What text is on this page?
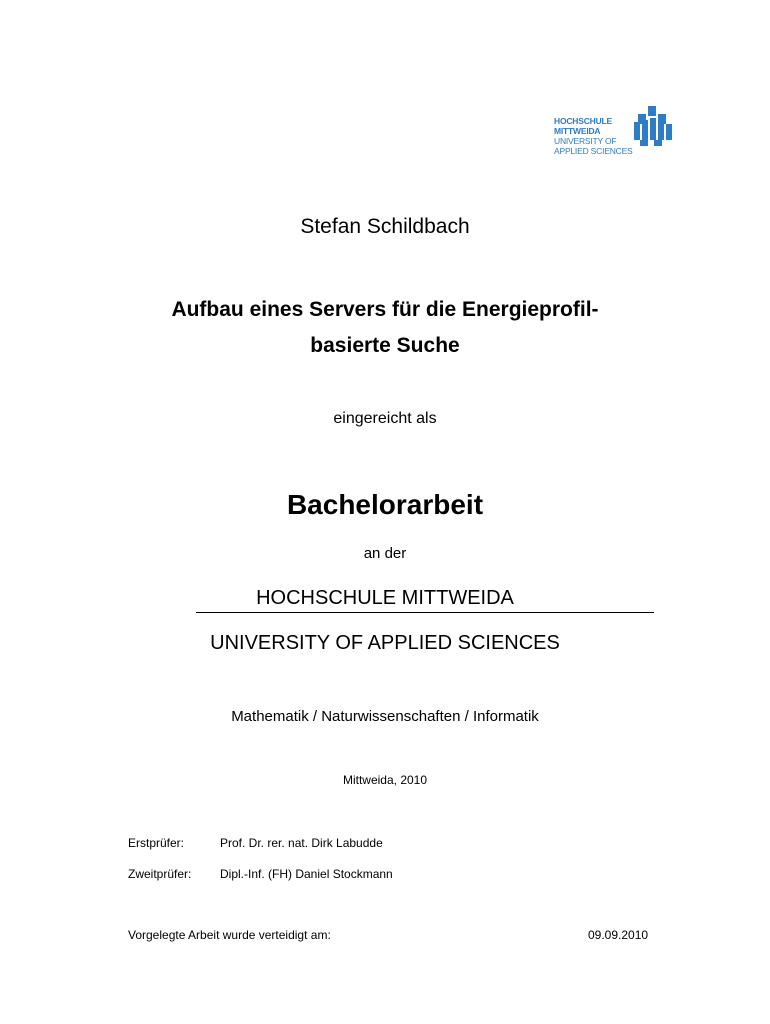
HOCHSCHULE
MITTWEIDA
UNIVERSITY OF
APPLIED SCIENCES
Stefan Schildbach
Aufbau eines Servers für die Energieprofil-
basierte Suche
eingereicht als
Bachelorarbeit
an der
HOCHSCHULE MITTWEIDA
UNIVERSITY OF APPLIED SCIENCES
Mathematik / Naturwissenschaften / Informatik
Mittweida, 2010
Erstprüfer:	Prof. Dr. rer. nat. Dirk Labudde
Zweitprüfer: Dipl.-Inf. (FH) Daniel Stockmann
Vorgelegte Arbeit wurde verteidigt am:	09.09.2010
